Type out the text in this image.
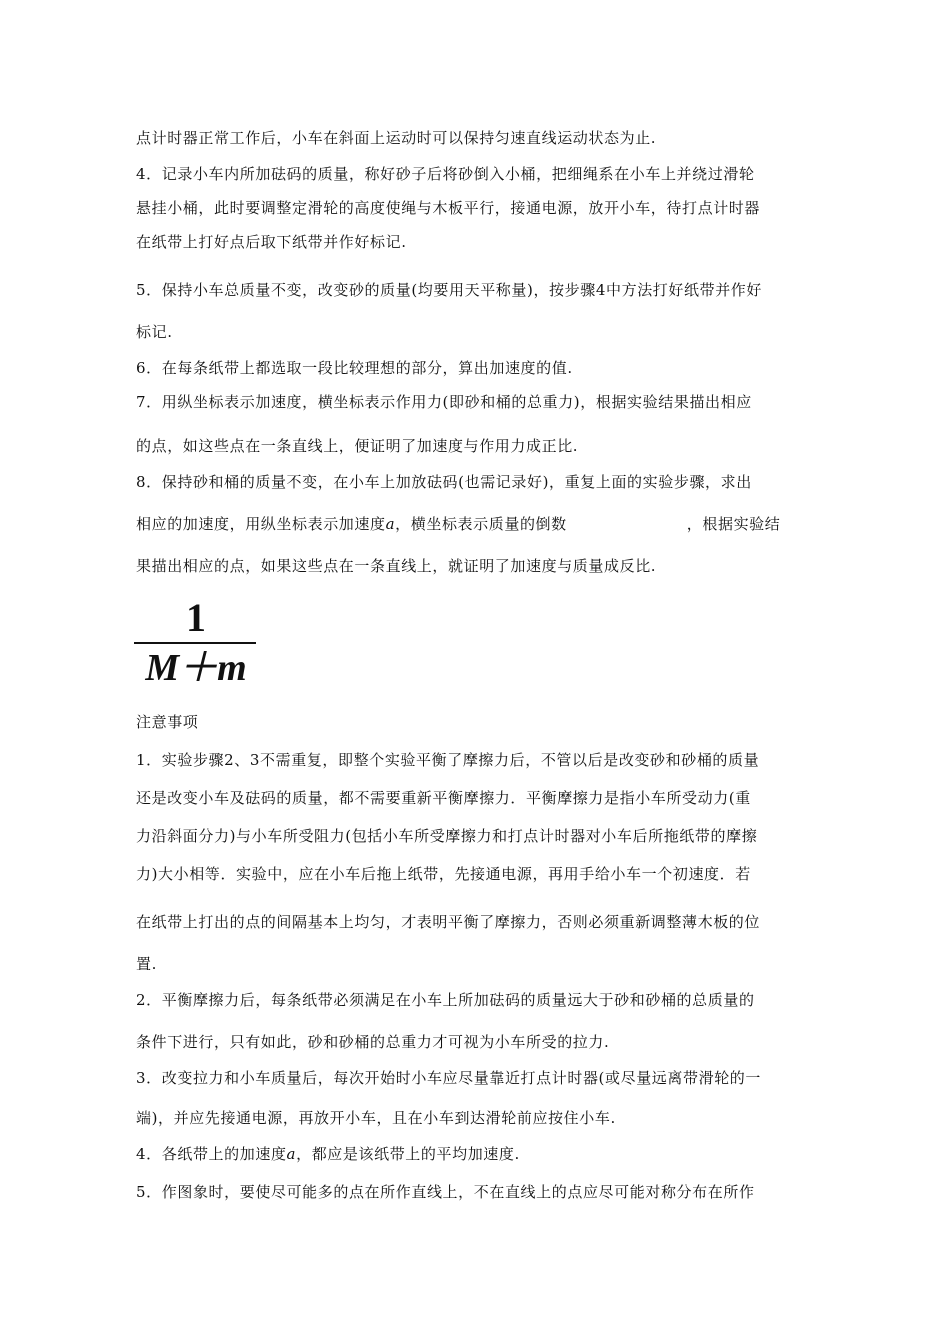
点计时器正常工作后，小车在斜面上运动时可以保持匀速直线运动状态为止.
4．记录小车内所加砝码的质量，称好砂子后将砂倒入小桶，把细绳系在小车上并绕过滑轮
悬挂小桶，此时要调整定滑轮的高度使绳与木板平行，接通电源，放开小车，待打点计时器
在纸带上打好点后取下纸带并作好标记.
5．保持小车总质量不变，改变砂的质量(均要用天平称量)，按步骤4中方法打好纸带并作好
标记.
6．在每条纸带上都选取一段比较理想的部分，算出加速度的值.
7．用纵坐标表示加速度，横坐标表示作用力(即砂和桶的总重力)，根据实验结果描出相应
的点，如这些点在一条直线上，便证明了加速度与作用力成正比.
8．保持砂和桶的质量不变，在小车上加放砝码(也需记录好)，重复上面的实验步骤，求出
相应的加速度，用纵坐标表示加速度a，横坐标表示质量的倒数	，根据实验结
果描出相应的点，如果这些点在一条直线上，就证明了加速度与质量成反比.
1
M＋m
注意事项
1．实验步骤2、3不需重复，即整个实验平衡了摩擦力后，不管以后是改变砂和砂桶的质量
还是改变小车及砝码的质量，都不需要重新平衡摩擦力．平衡摩擦力是指小车所受动力(重
力沿斜面分力)与小车所受阻力(包括小车所受摩擦力和打点计时器对小车后所拖纸带的摩擦
力)大小相等．实验中，应在小车后拖上纸带，先接通电源，再用手给小车一个初速度．若
在纸带上打出的点的间隔基本上均匀，才表明平衡了摩擦力，否则必须重新调整薄木板的位
置.
2．平衡摩擦力后，每条纸带必须满足在小车上所加砝码的质量远大于砂和砂桶的总质量的
条件下进行，只有如此，砂和砂桶的总重力才可视为小车所受的拉力.
3．改变拉力和小车质量后，每次开始时小车应尽量靠近打点计时器(或尽量远离带滑轮的一
端)，并应先接通电源，再放开小车，且在小车到达滑轮前应按住小车.
4．各纸带上的加速度a，都应是该纸带上的平均加速度.
5．作图象时，要使尽可能多的点在所作直线上，不在直线上的点应尽可能对称分布在所作
